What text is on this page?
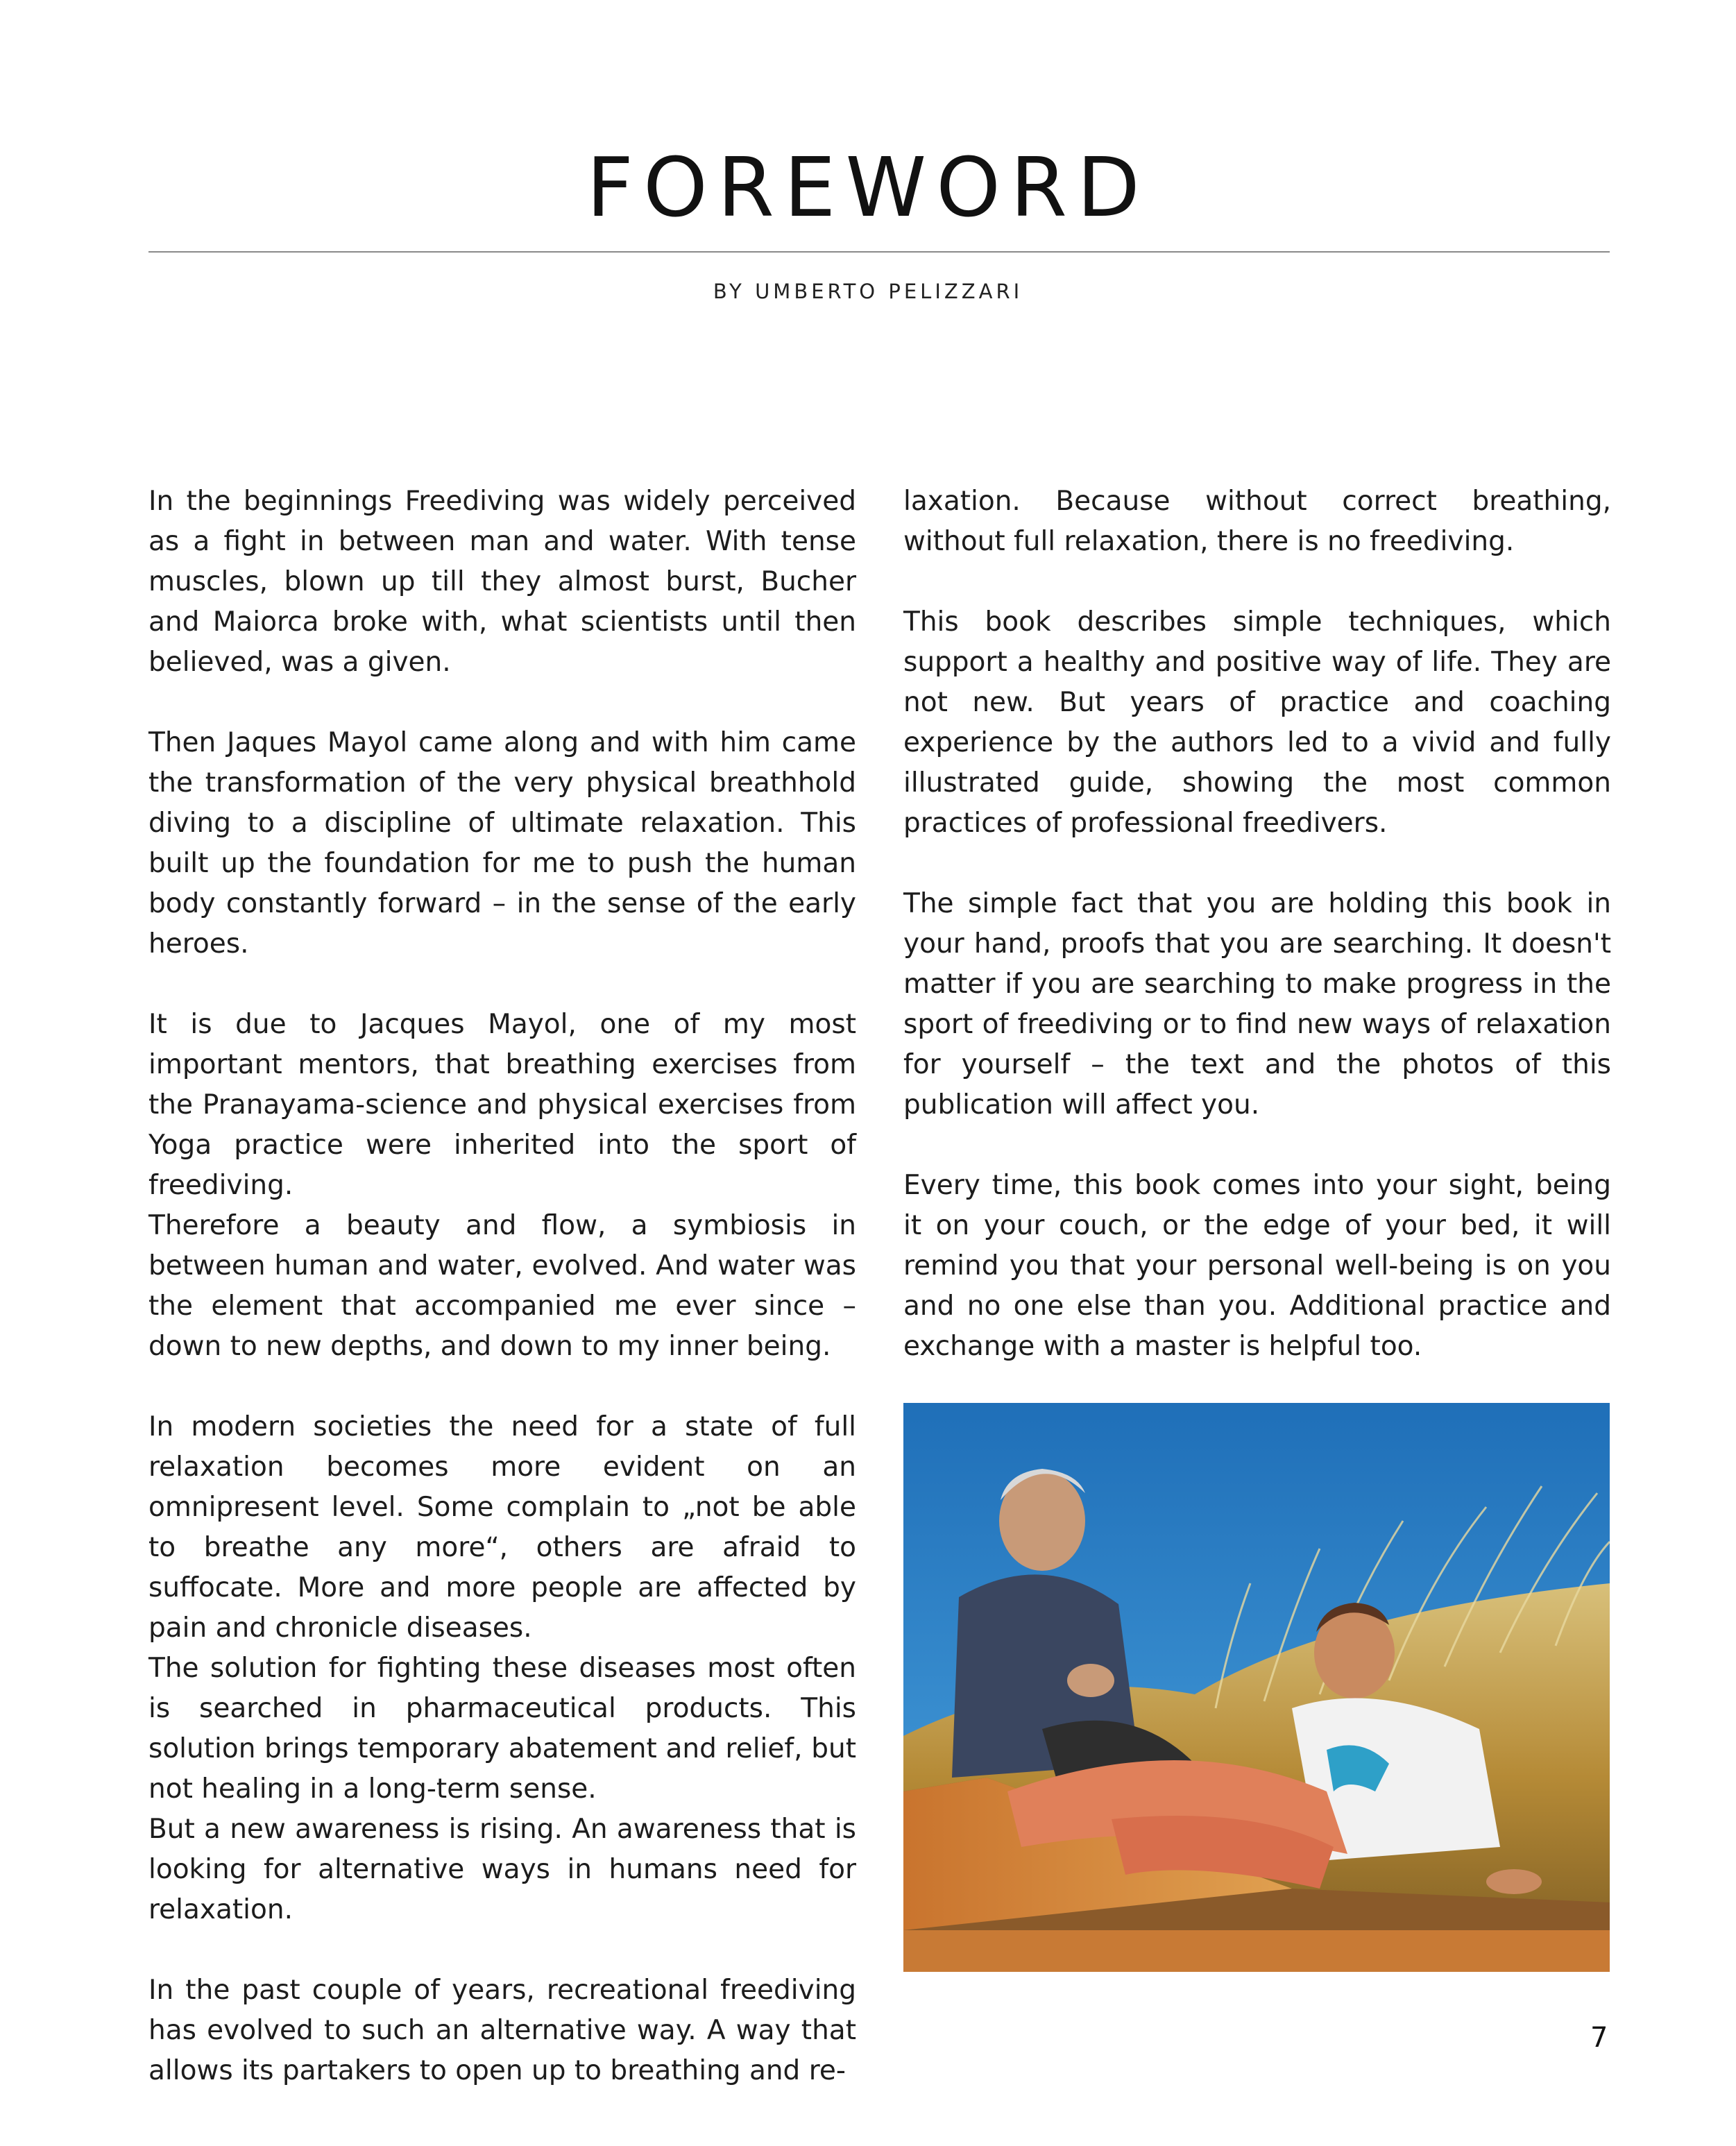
FOREWORD
BY UMBERTO PELIZZARI

In the beginnings Freediving was widely perceived as a fight in between man and water. With tense muscles, blown up till they almost burst, Bucher and Maiorca broke with, what scientists until then believed, was a given.

Then Jaques Mayol came along and with him came the transformation of the very physical breathhold diving to a discipline of ultimate relaxation. This built up the foundation for me to push the human body constantly forward – in the sense of the early heroes.

It is due to Jacques Mayol, one of my most important mentors, that breathing exercises from the Pranayama-science and physical exercises from Yoga practice were inherited into the sport of freediving.

Therefore a beauty and flow, a symbiosis in between human and water, evolved. And water was the element that accompanied me ever since – down to new depths, and down to my inner being.

In modern societies the need for a state of full relaxation becomes more evident on an omnipresent level. Some complain to „not be able to breathe any more“, others are afraid to suffocate. More and more people are affected by pain and chronicle diseases.

The solution for fighting these diseases most often is searched in pharmaceutical products. This solution brings temporary abatement and relief, but not healing in a long-term sense.

But a new awareness is rising. An awareness that is looking for alternative ways in humans need for relaxation.

In the past couple of years, recreational freediving has evolved to such an alternative way. A way that allows its partakers to open up to breathing and re-

laxation. Because without correct breathing, without full relaxation, there is no freediving.

This book describes simple techniques, which support a healthy and positive way of life. They are not new. But years of practice and coaching experience by the authors led to a vivid and fully illustrated guide, showing the most common practices of professional freedivers.

The simple fact that you are holding this book in your hand, proofs that you are searching. It doesn't matter if you are searching to make progress in the sport of freediving or to find new ways of relaxation for yourself – the text and the photos of this publication will affect you.

Every time, this book comes into your sight, being it on your couch, or the edge of your bed, it will remind you that your personal well-being is on you and no one else than you. Additional practice and exchange with a master is helpful too.

7
